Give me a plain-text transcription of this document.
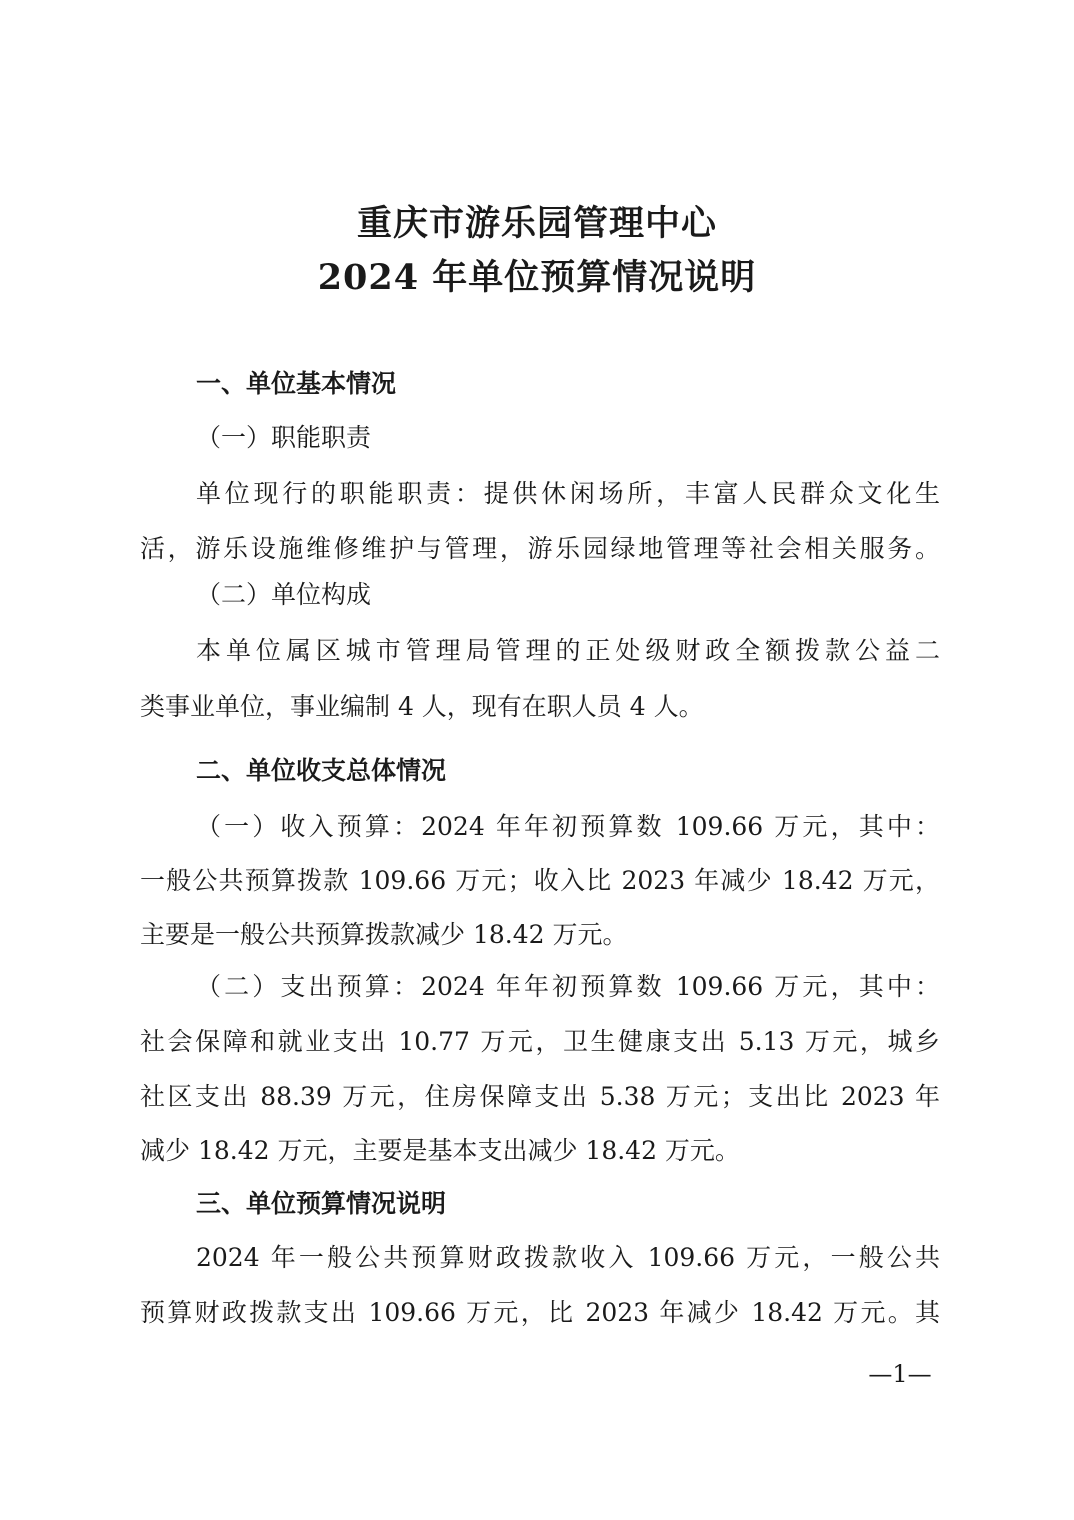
重庆市游乐园管理中心
2024 年单位预算情况说明

一、单位基本情况

（一）职能职责

单位现行的职能职责：提供休闲场所，丰富人民群众文化生

活，游乐设施维修维护与管理，游乐园绿地管理等社会相关服务。

（二）单位构成

本单位属区城市管理局管理的正处级财政全额拨款公益二

类事业单位，事业编制 4 人，现有在职人员 4 人。

二、单位收支总体情况

（一）收入预算：2024 年年初预算数 109.66 万元，其中：

一般公共预算拨款 109.66 万元；收入比 2023 年减少 18.42 万元，

主要是一般公共预算拨款减少 18.42 万元。

（二）支出预算：2024 年年初预算数 109.66 万元，其中：

社会保障和就业支出 10.77 万元，卫生健康支出 5.13 万元，城乡

社区支出 88.39 万元，住房保障支出 5.38 万元；支出比 2023 年

减少 18.42 万元，主要是基本支出减少 18.42 万元。

三、单位预算情况说明

2024 年一般公共预算财政拨款收入 109.66 万元，一般公共

预算财政拨款支出 109.66 万元，比 2023 年减少 18.42 万元。其

—1—
